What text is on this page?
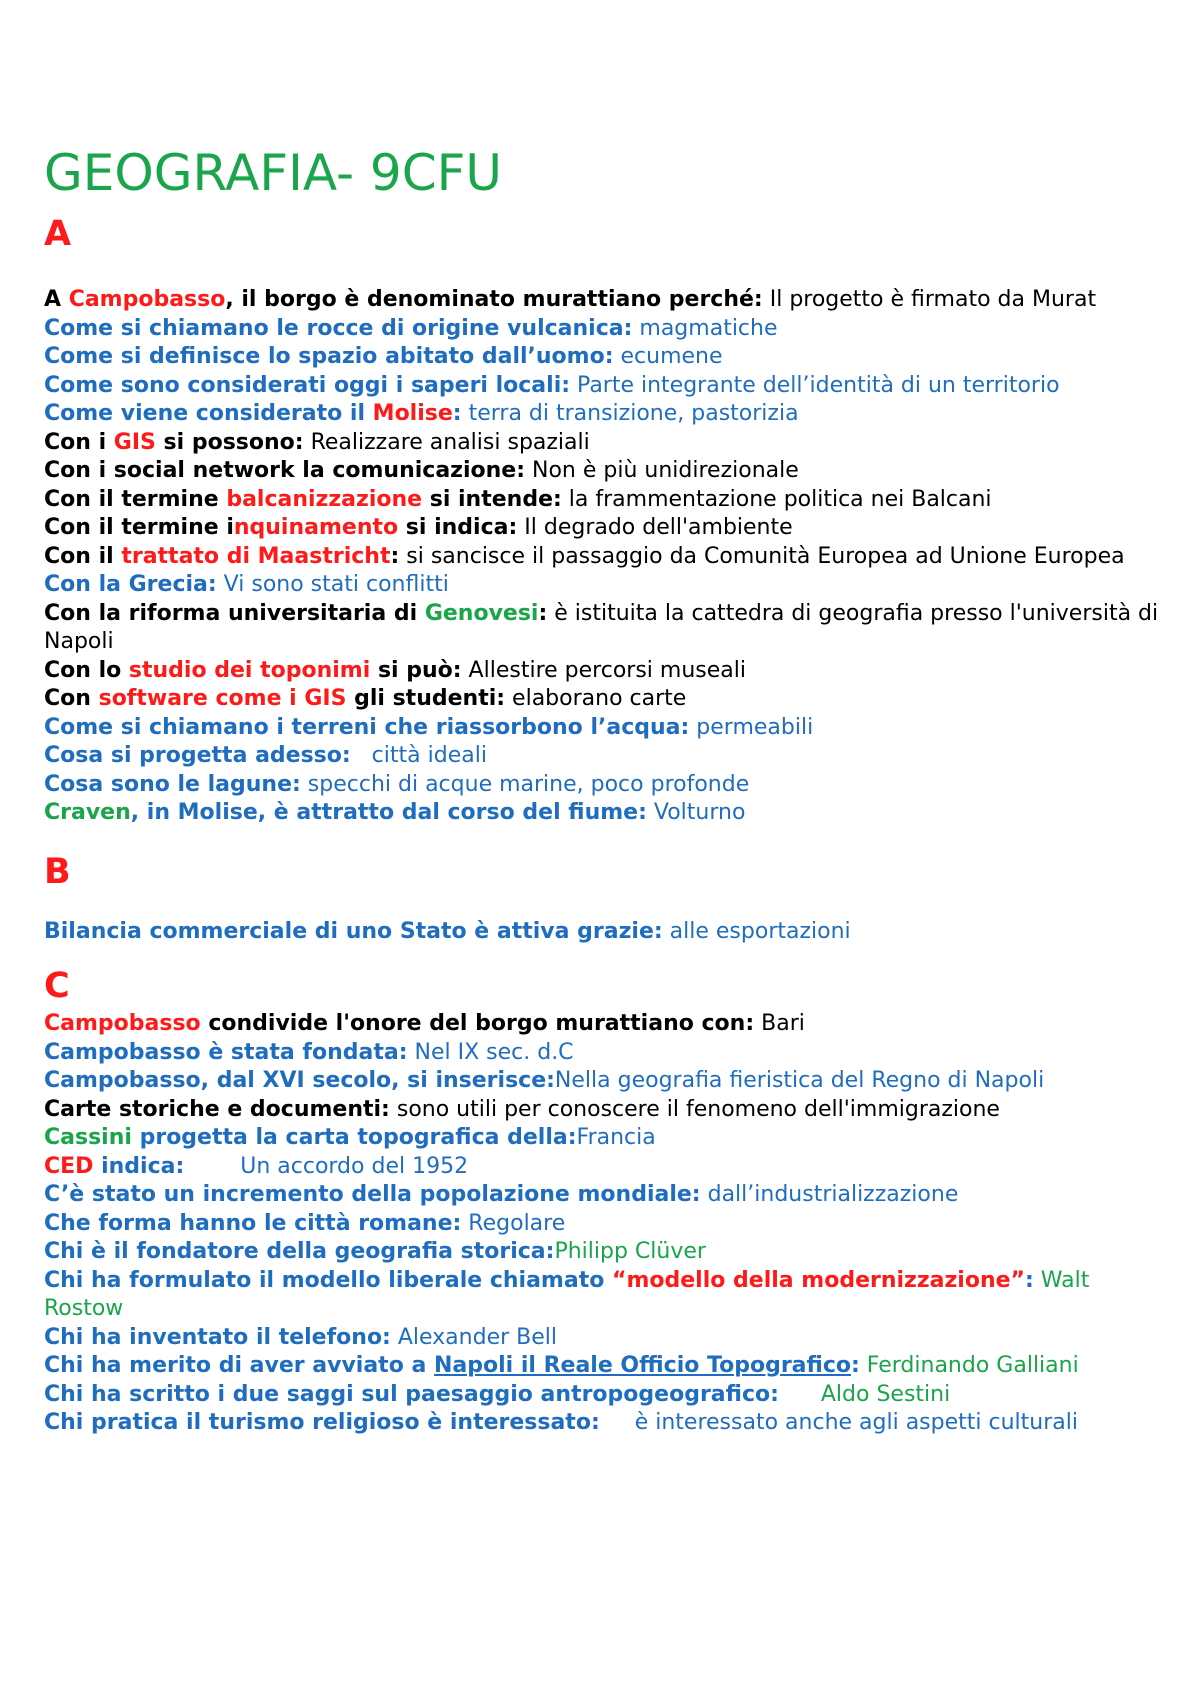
GEOGRAFIA- 9CFU
A
A Campobasso, il borgo è denominato murattiano perché: Il progetto è firmato da Murat
Come si chiamano le rocce di origine vulcanica: magmatiche
Come si definisce lo spazio abitato dall’uomo: ecumene
Come sono considerati oggi i saperi locali: Parte integrante dell’identità di un territorio
Come viene considerato il Molise: terra di transizione, pastorizia
Con i GIS si possono: Realizzare analisi spaziali
Con i social network la comunicazione: Non è più unidirezionale
Con il termine balcanizzazione si intende: la frammentazione politica nei Balcani
Con il termine inquinamento si indica: Il degrado dell'ambiente
Con il trattato di Maastricht: si sancisce il passaggio da Comunità Europea ad Unione Europea
Con la Grecia: Vi sono stati conflitti
Con la riforma universitaria di Genovesi: è istituita la cattedra di geografia presso l'università di Napoli
Con lo studio dei toponimi si può: Allestire percorsi museali
Con software come i GIS gli studenti: elaborano carte
Come si chiamano i terreni che riassorbono l’acqua: permeabili
Cosa si progetta adesso:   città ideali
Cosa sono le lagune: specchi di acque marine, poco profonde
Craven, in Molise, è attratto dal corso del fiume: Volturno
B
Bilancia commerciale di uno Stato è attiva grazie: alle esportazioni
C
Campobasso condivide l'onore del borgo murattiano con: Bari
Campobasso è stata fondata: Nel IX sec. d.C
Campobasso, dal XVI secolo, si inserisce:Nella geografia fieristica del Regno di Napoli
Carte storiche e documenti: sono utili per conoscere il fenomeno dell'immigrazione
Cassini progetta la carta topografica della:Francia
CED indica:        Un accordo del 1952
C’è stato un incremento della popolazione mondiale: dall’industrializzazione
Che forma hanno le città romane: Regolare
Chi è il fondatore della geografia storica:Philipp Clüver
Chi ha formulato il modello liberale chiamato “modello della modernizzazione”: Walt Rostow
Chi ha inventato il telefono: Alexander Bell
Chi ha merito di aver avviato a Napoli il Reale Officio Topografico: Ferdinando Galliani
Chi ha scritto i due saggi sul paesaggio antropogeografico:      Aldo Sestini
Chi pratica il turismo religioso è interessato:     è interessato anche agli aspetti culturali
